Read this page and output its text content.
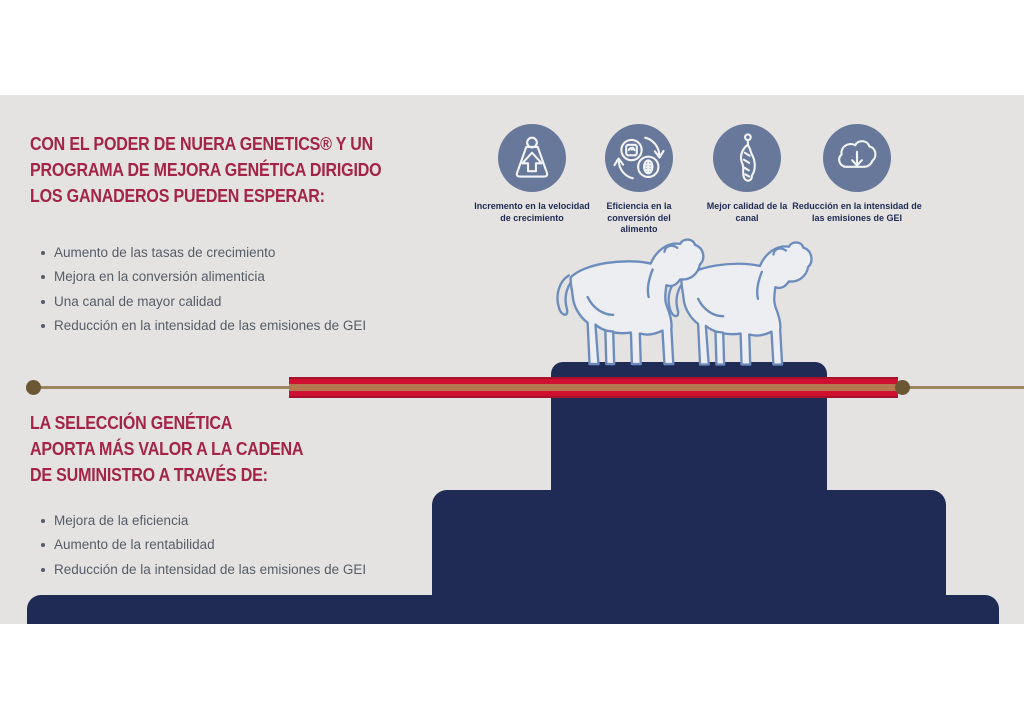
CON EL PODER DE NUERA GENETICS® Y UN
PROGRAMA DE MEJORA GENÉTICA DIRIGIDO
LOS GANADEROS PUEDEN ESPERAR:
Aumento de las tasas de crecimiento
Mejora en la conversión alimenticia
Una canal de mayor calidad
Reducción en la intensidad de las emisiones de GEI
Incremento en la velocidad de crecimiento
Eficiencia en la conversión del alimento
Mejor calidad de la canal
Reducción en la intensidad de las emisiones de GEI
LA SELECCIÓN GENÉTICA
APORTA MÁS VALOR A LA CADENA
DE SUMINISTRO A TRAVÉS DE:
Mejora de la eficiencia
Aumento de la rentabilidad
Reducción de la intensidad de las emisiones de GEI
